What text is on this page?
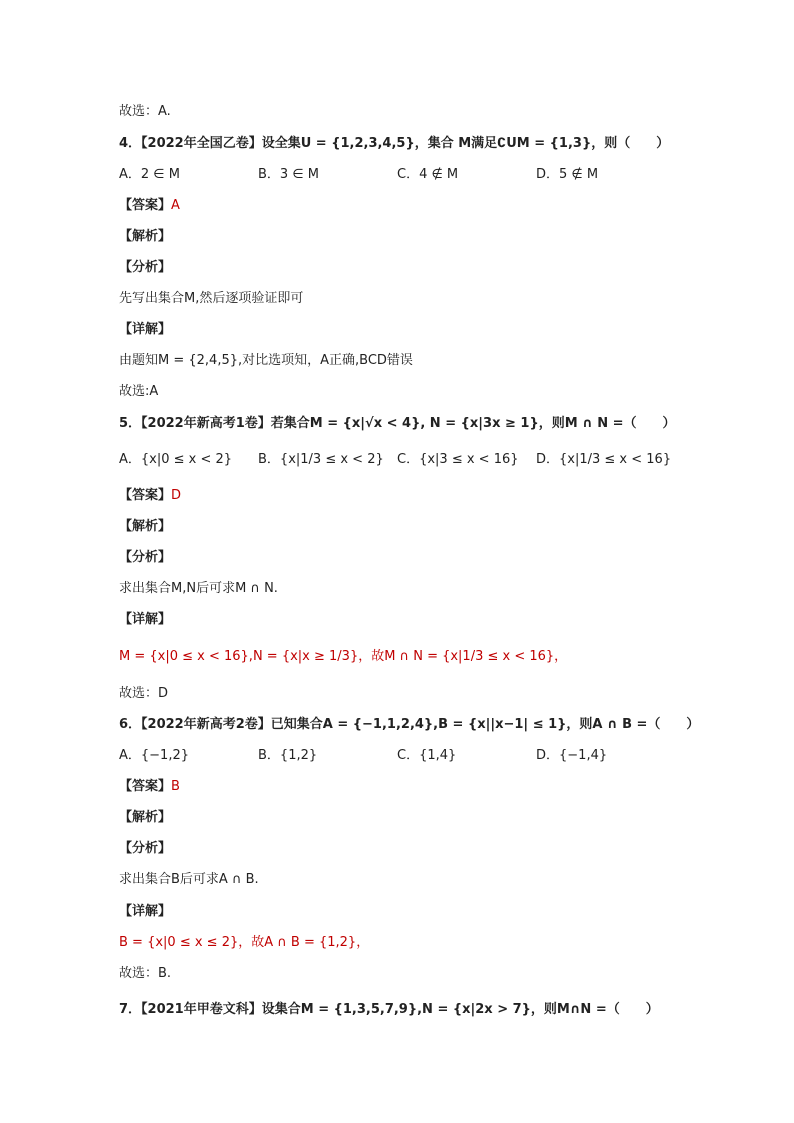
故选：A.
4．【2022年全国乙卷】设全集U = {1,2,3,4,5}，集合 M满足∁UM = {1,3}，则（　　）
A．2 ∈ M	B．3 ∈ M	C．4 ∉ M	D．5 ∉ M
【答案】A
【解析】
【分析】
先写出集合M,然后逐项验证即可
【详解】
由题知M = {2,4,5},对比选项知，A正确,BCD错误
故选:A
5．【2022年新高考1卷】若集合M = {x|√x < 4}, N = {x|3x ≥ 1}，则M ∩ N =（　　）
A．{x|0 ≤ x < 2} B．{x|1/3 ≤ x < 2} C．{x|3 ≤ x < 16} D．{x|1/3 ≤ x < 16}
【答案】D
【解析】
【分析】
求出集合M,N后可求M ∩ N.
【详解】
M = {x|0 ≤ x < 16},N = {x|x ≥ 1/3}，故M ∩ N = {x|1/3 ≤ x < 16}，
故选：D
6．【2022年新高考2卷】已知集合A = {−1,1,2,4},B = {x||x−1| ≤ 1}，则A ∩ B =（　　）
A．{−1,2}	B．{1,2}	C．{1,4}	D．{−1,4}
【答案】B
【解析】
【分析】
求出集合B后可求A ∩ B.
【详解】
B = {x|0 ≤ x ≤ 2}，故A ∩ B = {1,2}，
故选：B.
7．【2021年甲卷文科】设集合M = {1,3,5,7,9},N = {x|2x > 7}，则M∩N =（　　）
